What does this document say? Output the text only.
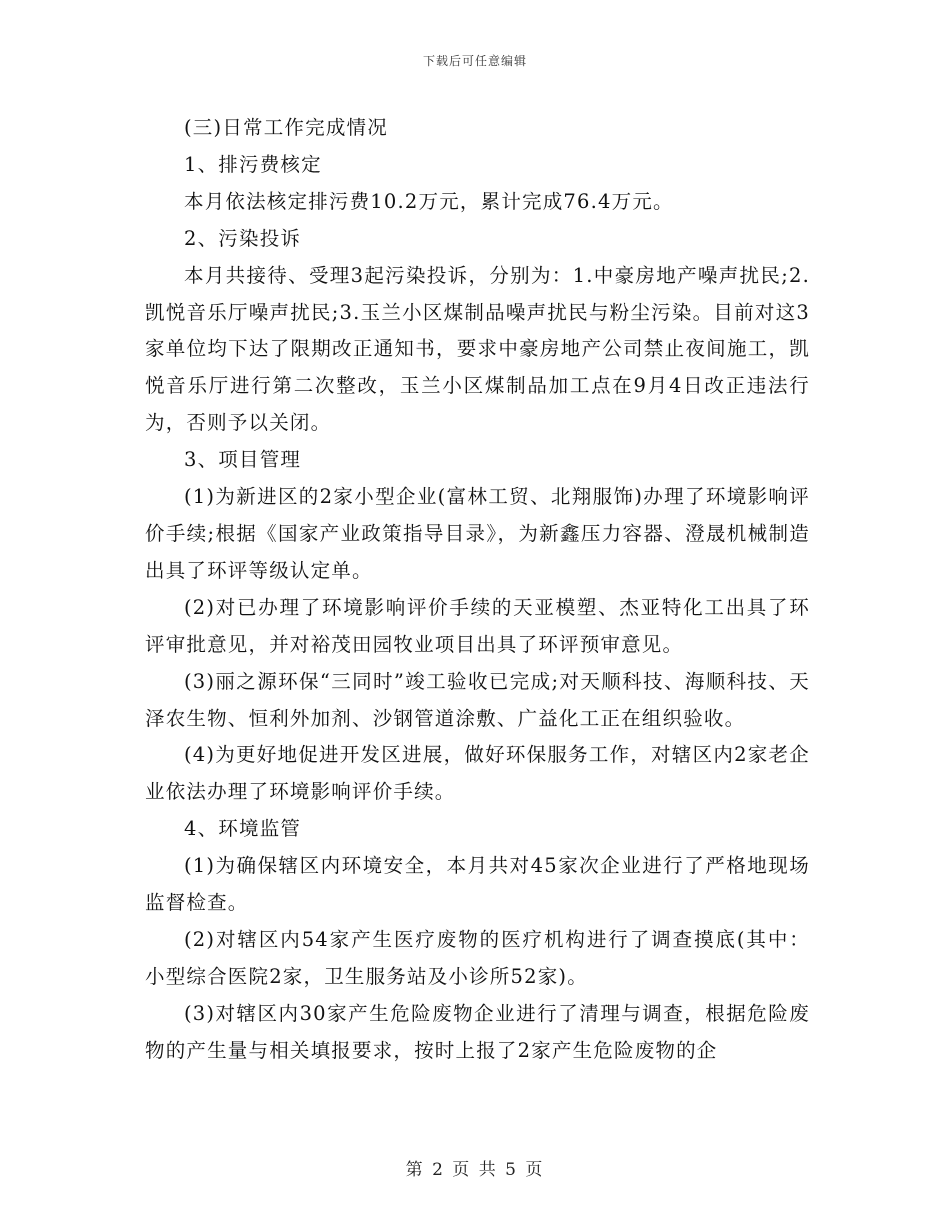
下载后可任意编辑

(三)日常工作完成情况

1、排污费核定

本月依法核定排污费10.2万元，累计完成76.4万元。

2、污染投诉

本月共接待、受理3起污染投诉，分别为：1.中豪房地产噪声扰民;2.凯悦音乐厅噪声扰民;3.玉兰小区煤制品噪声扰民与粉尘污染。目前对这3家单位均下达了限期改正通知书，要求中豪房地产公司禁止夜间施工，凯悦音乐厅进行第二次整改，玉兰小区煤制品加工点在9月4日改正违法行为，否则予以关闭。

3、项目管理

(1)为新进区的2家小型企业(富林工贸、北翔服饰)办理了环境影响评价手续;根据《国家产业政策指导目录》，为新鑫压力容器、澄晟机械制造出具了环评等级认定单。

(2)对已办理了环境影响评价手续的天亚模塑、杰亚特化工出具了环评审批意见，并对裕茂田园牧业项目出具了环评预审意见。

(3)丽之源环保“三同时”竣工验收已完成;对天顺科技、海顺科技、天泽农生物、恒利外加剂、沙钢管道涂敷、广益化工正在组织验收。

(4)为更好地促进开发区进展，做好环保服务工作，对辖区内2家老企业依法办理了环境影响评价手续。

4、环境监管

(1)为确保辖区内环境安全，本月共对45家次企业进行了严格地现场监督检查。

(2)对辖区内54家产生医疗废物的医疗机构进行了调查摸底(其中：小型综合医院2家，卫生服务站及小诊所52家)。

(3)对辖区内30家产生危险废物企业进行了清理与调查，根据危险废物的产生量与相关填报要求，按时上报了2家产生危险废物的企

第 2 页 共 5 页
